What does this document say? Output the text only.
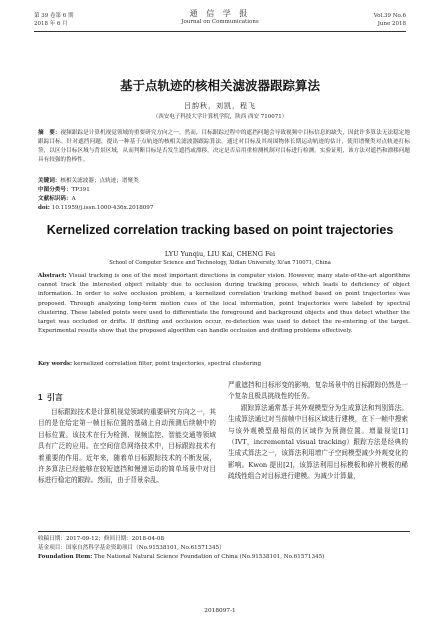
第 39 卷第 6 期
2018 年 6 月
通 信 学 报
Journal on Communications
Vol.39 No.6
June 2018
基于点轨迹的核相关滤波器跟踪算法
吕韵秋，刘凯，程飞
（西安电子科技大学计算机学院，陕西 西安 710071）
摘　要：视频跟踪是计算机视觉领域的重要研究方向之一。然而，目标跟踪过程中的遮挡问题会导致视频中目标信息的缺失，因此许多算法无法稳定地跟踪目标。针对遮挡问题，提出一种基于点轨迹的核相关滤波器跟踪算法。通过对目标及其周围物体长期运动轨迹的估计，使用谱聚类对点轨迹打标签，以区分目标区域与背景区域，从而判断目标是否发生遮挡或漂移，决定是否启用重检测机制对目标进行检测。实验证明，该方法对遮挡和漂移问题具有较强的鲁棒性。
关键词：核相关滤波器；点轨迹；谱聚类
中图分类号：TP391
文献标识码：A
doi: 10.11959/j.issn.1000-436x.2018097
Kernelized correlation tracking based on point trajectories
LYU Yunqiu, LIU Kai, CHENG Fei
School of Computer Science and Technology, Xidian University, Xi'an 710071, China
Abstract: Visual tracking is one of the most important directions in computer vision. However, many state-of-the-art algorithms cannot track the interested object reliably due to occlusion during tracking process, which leads to deficiency of object information. In order to solve occlusion problem, a kernelized correlation tracking method based on point trajectories was proposed. Through analyzing long-term motion cues of the local information, point trajectories were labeled by spectral clustering. These labeled points were used to differentiate the foreground and background objects and thus detect whether the target was occluded or drifts. If drifting and occlusion occur, re-detection was used to detect the re-entering of the target. Experimental results show that the proposed algorithm can handle occlusion and drifting problems effectively.
Key words: kernelized correlation filter, point trajectories, spectral clustering
1 引言
目标跟踪技术是计算机视觉领域的重要研究方向之一，其目的是在给定第一帧目标位置的基础上自动预测后续帧中的目标位置。该技术在行为检测、视频监控、智能交通等领域具有广泛的应用。在空间信息网络技术中，目标跟踪技术有着重要的作用。近年来，随着单目标跟踪技术的不断发展，许多算法已经能够在较短遮挡和慢速运动的简单场景中对目标进行稳定的跟踪。然而，由于背景杂乱、

严重遮挡和目标形变的影响，复杂场景中的目标跟踪仍然是一个复杂且极具挑战性的任务。

跟踪算法通常基于其外观模型分为生成算法和判别算法。生成算法通过对当前帧中目标区域进行建模，在下一帧中搜索与该外观模型最相似的区域作为预测位置。增量视觉[1]（IVT，incremental visual tracking）跟踪方法是经典的生成式算法之一，该算法利用增广子空间模型减少外观变化的影响。Kwon 提出[2]，该算法利用目标模板和碎片模板的稀疏线性组合对目标进行建模。为减少计算量，

收稿日期：2017-09-12；修回日期：2018-04-08
基金项目：国家自然科学基金资助项目（No.91538101, No.61571345）
Foundation Item: The National Natural Science Foundation of China (No.91538101, No.61571345)
2018097-1
